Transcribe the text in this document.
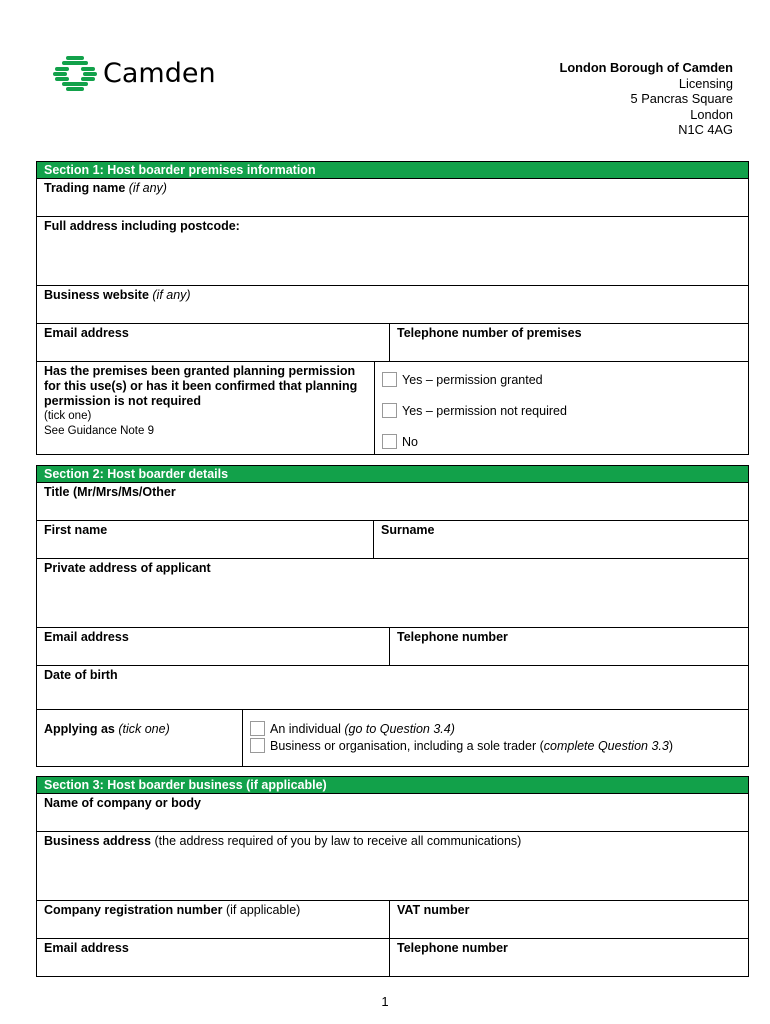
Camden	London Borough of Camden
Licensing
5 Pancras Square
London
N1C 4AG
Section 1: Host boarder premises information
Trading name (if any)
Full address including postcode:
Business website (if any)
Email address	Telephone number of premises
Has the premises been granted planning permission for this use(s) or has it been confirmed that planning permission is not required
(tick one)
See Guidance Note 9
Yes – permission granted
Yes – permission not required
No
Section 2: Host boarder details
Title (Mr/Mrs/Ms/Other
First name	Surname
Private address of applicant
Email address	Telephone number
Date of birth
Applying as (tick one)	An individual
(go to Question 3.4)
Business or organisation, including a sole trader ( complete Question 3.3 )
Section 3: Host boarder business (if applicable)
Name of company or body
Business address (the address required of you by law to receive all communications)
Company registration number (if applicable)	VAT number
Email address	Telephone number
1
